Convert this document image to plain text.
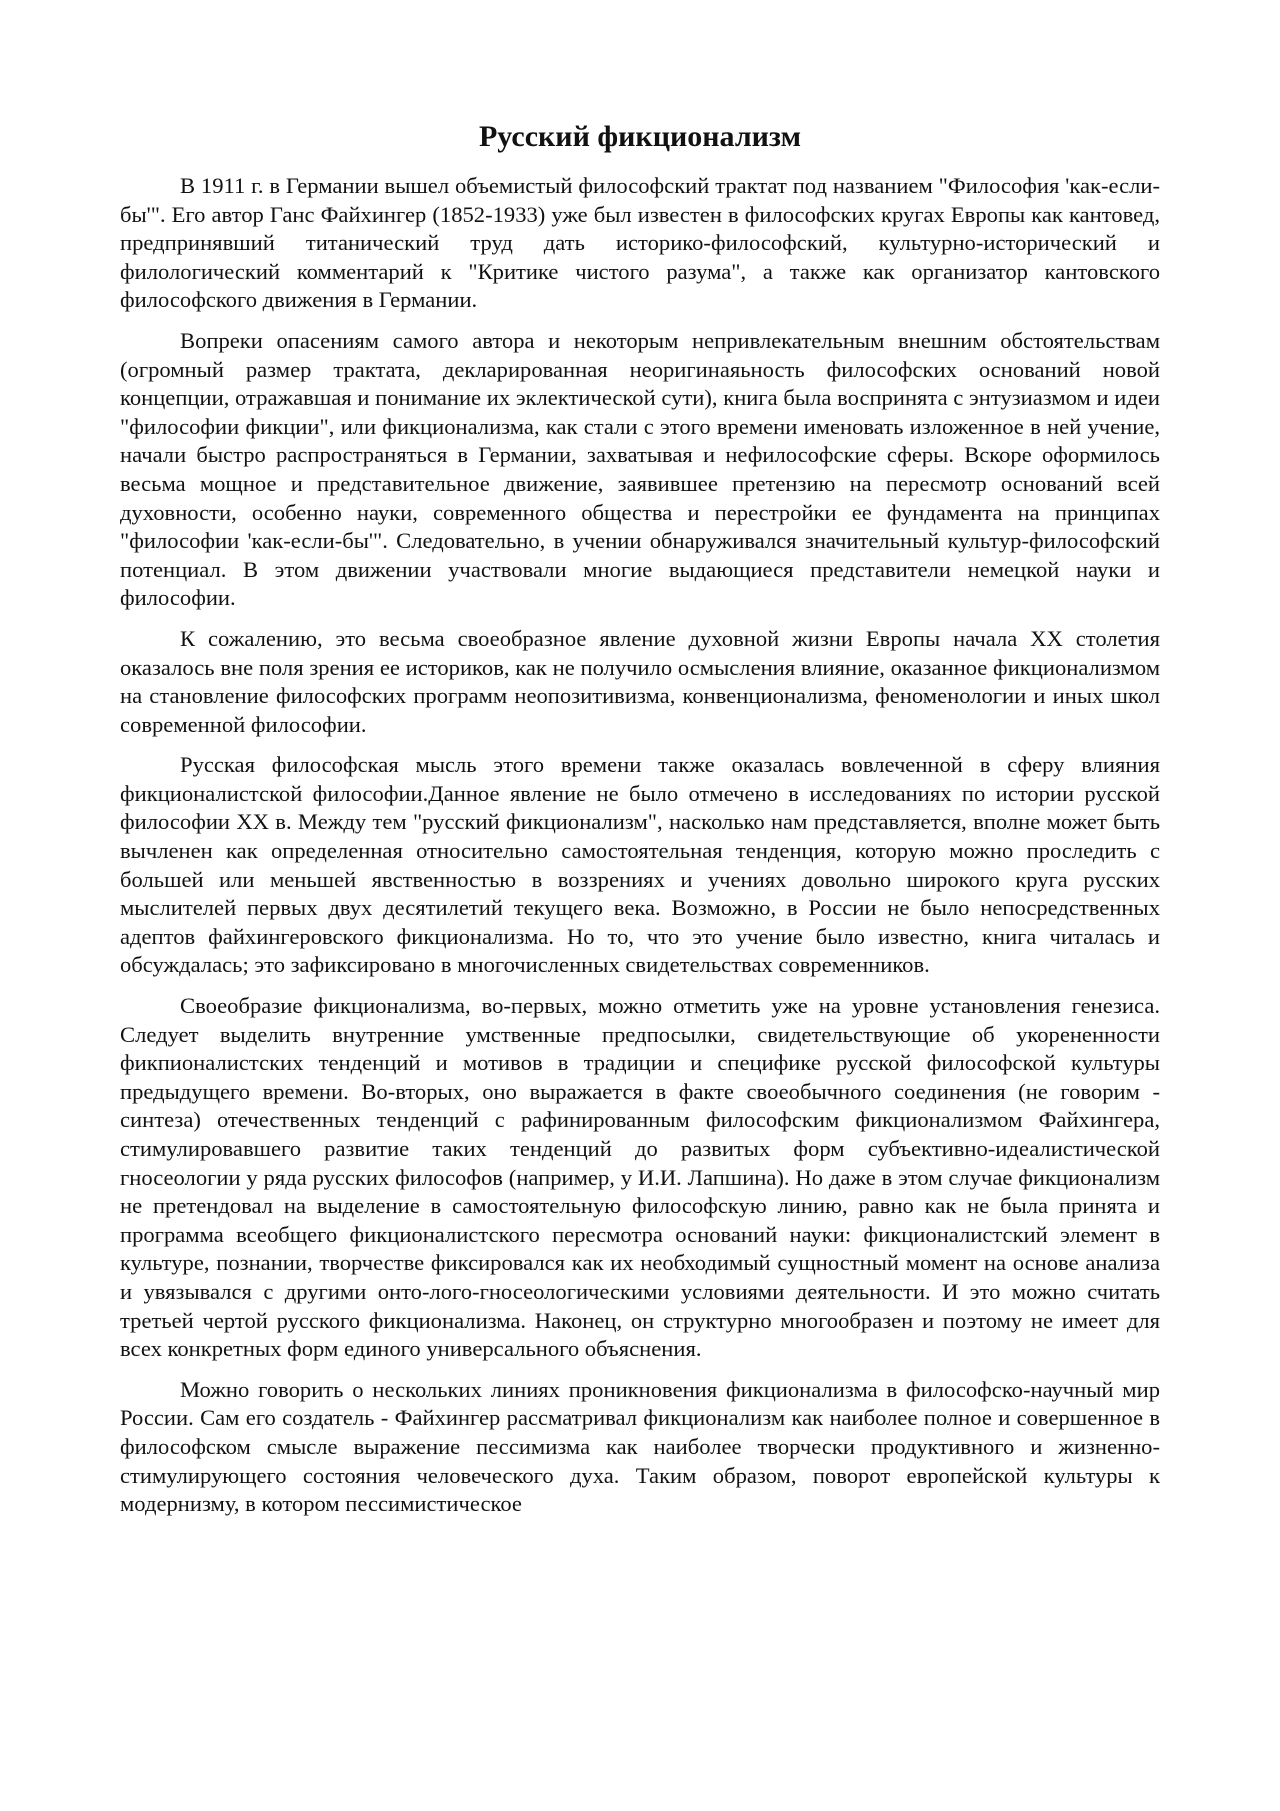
Русский фикционализм

В 1911 г. в Германии вышел объемистый философский трактат под названием "Философия 'как-если-бы'". Его автор Ганс Файхингер (1852-1933) уже был известен в философских кругах Европы как кантовед, предпринявший титанический труд дать историко-философский, культурно-исторический и филологический комментарий к "Критике чистого разума", а также как организатор кантовского философского движения в Германии.

Вопреки опасениям самого автора и некоторым непривлекательным внешним обстоятельствам (огромный размер трактата, декларированная неоригинаяьность философских оснований новой концепции, отражавшая и понимание их эклектической сути), книга была воспринята с энтузиазмом и идеи "философии фикции", или фикционализма, как стали с этого времени именовать изложенное в ней учение, начали быстро распространяться в Германии, захватывая и нефилософские сферы. Вскоре оформилось весьма мощное и представительное движение, заявившее претензию на пересмотр оснований всей духовности, особенно науки, современного общества и перестройки ее фундамента на принципах "философии 'как-если-бы'". Следовательно, в учении обнаруживался значительный культур-философский потенциал. В этом движении участвовали многие выдающиеся представители немецкой науки и философии.

К сожалению, это весьма своеобразное явление духовной жизни Европы начала XX столетия оказалось вне поля зрения ее историков, как не получило осмысления влияние, оказанное фикционализмом на становление философских программ неопозитивизма, конвенционализма, феноменологии и иных школ современной философии.

Русская философская мысль этого времени также оказалась вовлеченной в сферу влияния фикционалистской философии.Данное явление не было отмечено в исследованиях по истории русской философии XX в. Между тем "русский фикционализм", насколько нам представляется, вполне может быть вычленен как определенная относительно самостоятельная тенденция, которую можно проследить с большей или меньшей явственностью в воззрениях и учениях довольно широкого круга русских мыслителей первых двух десятилетий текущего века. Возможно, в России не было непосредственных адептов файхингеровского фикционализма. Но то, что это учение было известно, книга читалась и обсуждалась; это зафиксировано в многочисленных свидетельствах современников.

Своеобразие фикционализма, во-первых, можно отметить уже на уровне установления генезиса. Следует выделить внутренние умственные предпосылки, свидетельствующие об укорененности фикпионалистских тенденций и мотивов в традиции и специфике русской философской культуры предыдущего времени. Во-вторых, оно выражается в факте своеобычного соединения (не говорим - синтеза) отечественных тенденций с рафинированным философским фикционализмом Файхингера, стимулировавшего развитие таких тенденций до развитых форм субъективно-идеалистической гносеологии у ряда русских философов (например, у И.И. Лапшина). Но даже в этом случае фикционализм не претендовал на выделение в самостоятельную философскую линию, равно как не была принята и программа всеобщего фикционалистского пересмотра оснований науки: фикционалистский элемент в культуре, познании, творчестве фиксировался как их необходимый сущностный момент на основе анализа и увязывался с другими онто-лого-гносеологическими условиями деятельности. И это можно считать третьей чертой русского фикционализма. Наконец, он структурно многообразен и поэтому не имеет для всех конкретных форм единого универсального объяснения.

Можно говорить о нескольких линиях проникновения фикционализма в философско-научный мир России. Сам его создатель - Файхингер рассматривал фикционализм как наиболее полное и совершенное в философском смысле выражение пессимизма как наиболее творчески продуктивного и жизненно-стимулирующего состояния человеческого духа. Таким образом, поворот европейской культуры к модернизму, в котором пессимистическое
